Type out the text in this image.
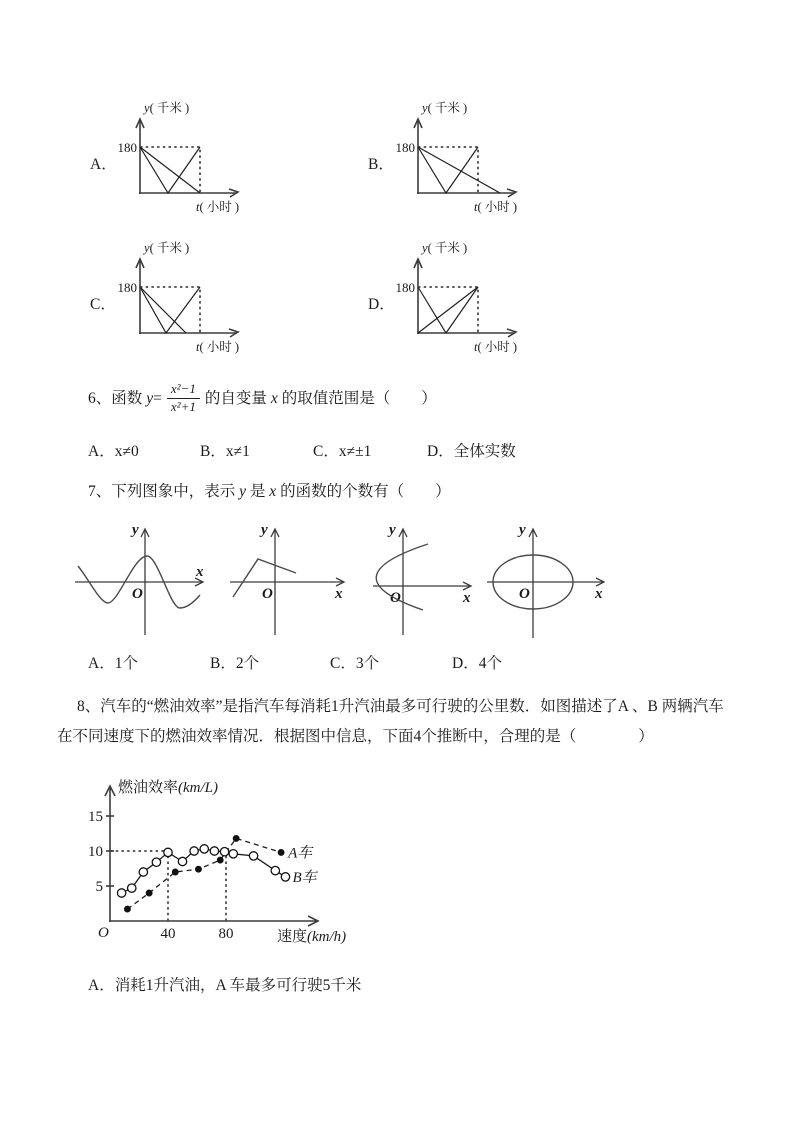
A．
y( 千米 )
180
t( 小时 )
B．
y( 千米 )
180
t( 小时 )
C．
y( 千米 )
180
t( 小时 )
D．
y( 千米 )
180
t( 小时 )
6、函数 $y = \frac{\text{x²−1}}{\text{x²+1}}$ 的自变量 x 的取值范围是（　　）
A．x≠0	B．x≠1	C．x≠±1	D．全体实数
7、下列图象中，表示 y 是 x 的函数的个数有（　　）
y
x
O
y
x
O
y
x
O
y
x
O
A．1个	B．2个	C．3个	D．4个
8、汽车的“燃油效率”是指汽车每消耗1升汽油最多可行驶的公里数．如图描述了A 、B 两辆汽车
在不同速度下的燃油效率情况．根据图中信息，下面4个推断中，合理的是（　　　　）
燃油效率(km/L)
速度(km/h)
O
5
10
15
40	80
A车
B车
A．消耗1升汽油，A 车最多可行驶5千米
